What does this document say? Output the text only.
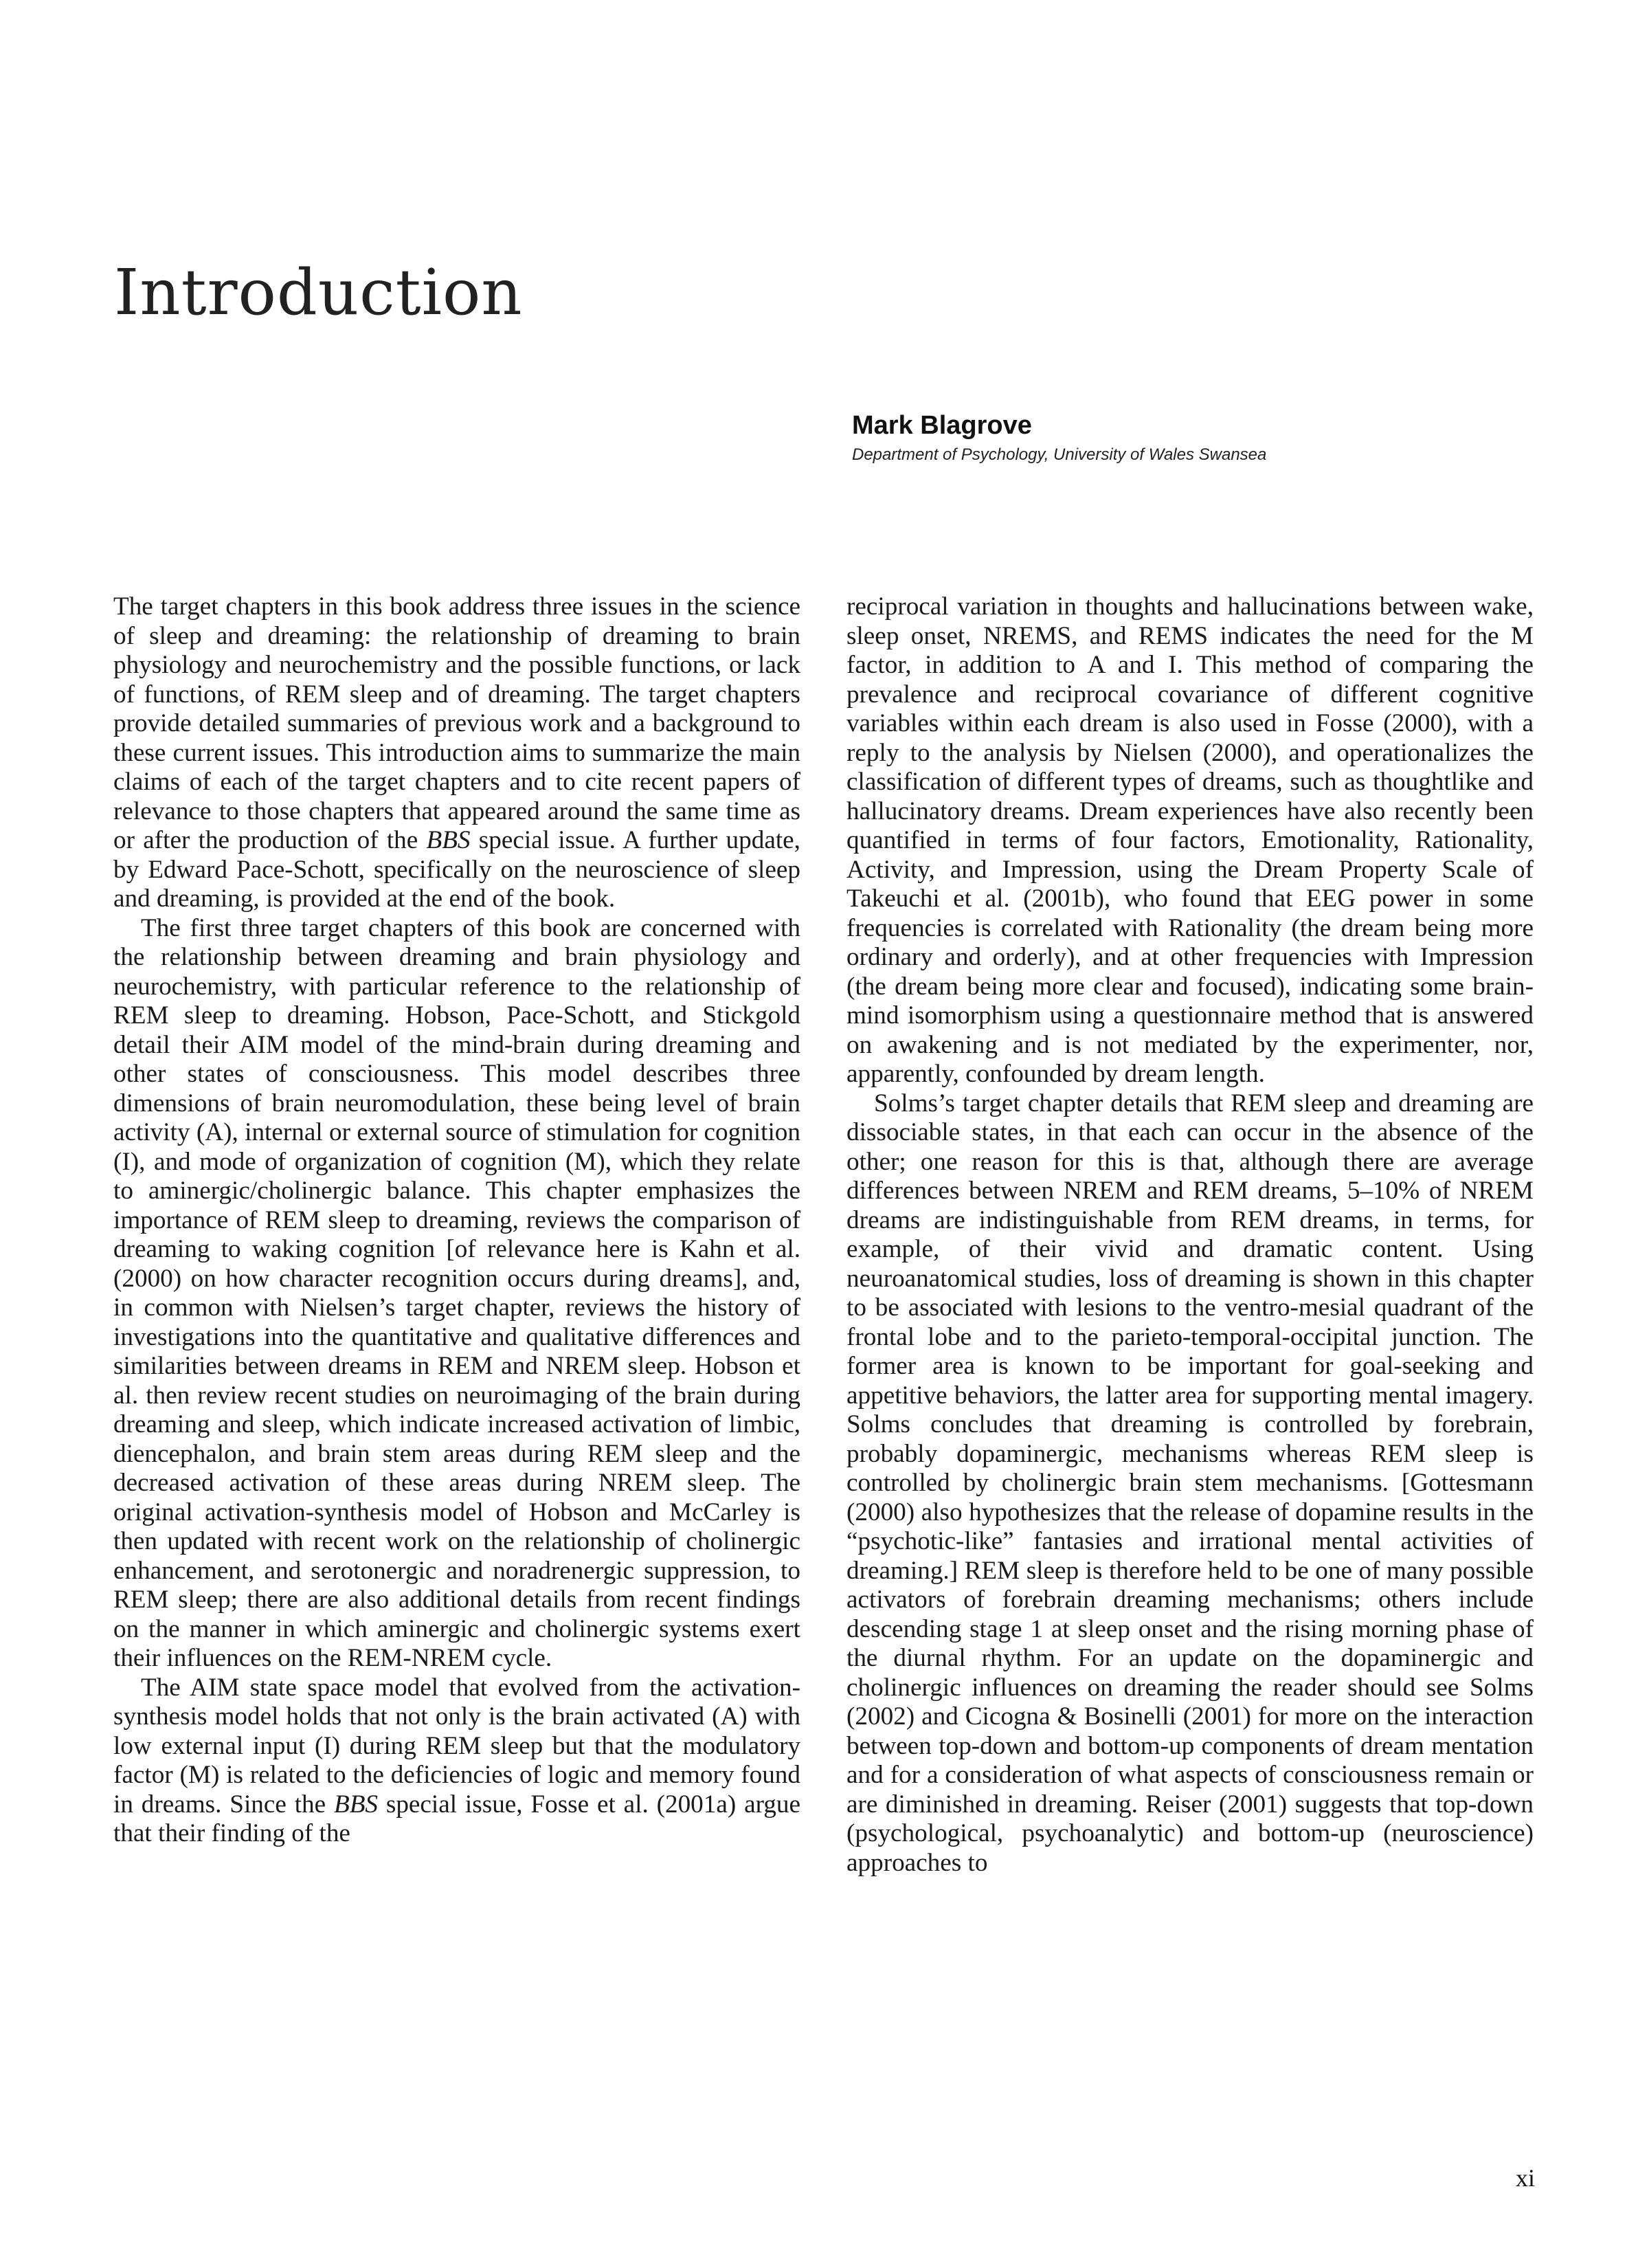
Introduction
Mark Blagrove
Department of Psychology, University of Wales Swansea

The target chapters in this book address three issues in the science of sleep and dreaming: the relationship of dreaming to brain physiology and neurochemistry and the possible functions, or lack of functions, of REM sleep and of dreaming. The target chapters provide detailed summaries of previous work and a background to these current issues. This introduction aims to summarize the main claims of each of the target chapters and to cite recent papers of relevance to those chapters that appeared around the same time as or after the production of the BBS special issue. A further update, by Edward Pace-Schott, specifically on the neuroscience of sleep and dreaming, is provided at the end of the book.

The first three target chapters of this book are concerned with the relationship between dreaming and brain physiology and neurochemistry, with particular reference to the relationship of REM sleep to dreaming. Hobson, Pace-Schott, and Stickgold detail their AIM model of the mind-brain during dreaming and other states of consciousness. This model describes three dimensions of brain neuromodulation, these being level of brain activity (A), internal or external source of stimulation for cognition (I), and mode of organization of cognition (M), which they relate to aminergic/cholinergic balance. This chapter emphasizes the importance of REM sleep to dreaming, reviews the comparison of dreaming to waking cognition [of relevance here is Kahn et al. (2000) on how character recognition occurs during dreams], and, in common with Nielsen’s target chapter, reviews the history of investigations into the quantitative and qualitative differences and similarities between dreams in REM and NREM sleep. Hobson et al. then review recent studies on neuroimaging of the brain during dreaming and sleep, which indicate increased activation of limbic, diencephalon, and brain stem areas during REM sleep and the decreased activation of these areas during NREM sleep. The original activation-synthesis model of Hobson and McCarley is then updated with recent work on the relationship of cholinergic enhancement, and serotonergic and noradrenergic suppression, to REM sleep; there are also additional details from recent findings on the manner in which aminergic and cholinergic systems exert their influences on the REM-NREM cycle.

The AIM state space model that evolved from the activation-synthesis model holds that not only is the brain activated (A) with low external input (I) during REM sleep but that the modulatory factor (M) is related to the deficiencies of logic and memory found in dreams. Since the BBS special issue, Fosse et al. (2001a) argue that their finding of the

reciprocal variation in thoughts and hallucinations between wake, sleep onset, NREMS, and REMS indicates the need for the M factor, in addition to A and I. This method of comparing the prevalence and reciprocal covariance of different cognitive variables within each dream is also used in Fosse (2000), with a reply to the analysis by Nielsen (2000), and operationalizes the classification of different types of dreams, such as thoughtlike and hallucinatory dreams. Dream experiences have also recently been quantified in terms of four factors, Emotionality, Rationality, Activity, and Impression, using the Dream Property Scale of Takeuchi et al. (2001b), who found that EEG power in some frequencies is correlated with Rationality (the dream being more ordinary and orderly), and at other frequencies with Impression (the dream being more clear and focused), indicating some brain-mind isomorphism using a questionnaire method that is answered on awakening and is not mediated by the experimenter, nor, apparently, confounded by dream length.

Solms’s target chapter details that REM sleep and dreaming are dissociable states, in that each can occur in the absence of the other; one reason for this is that, although there are average differences between NREM and REM dreams, 5–10% of NREM dreams are indistinguishable from REM dreams, in terms, for example, of their vivid and dramatic content. Using neuroanatomical studies, loss of dreaming is shown in this chapter to be associated with lesions to the ventro-mesial quadrant of the frontal lobe and to the parieto-temporal-occipital junction. The former area is known to be important for goal-seeking and appetitive behaviors, the latter area for supporting mental imagery. Solms concludes that dreaming is controlled by forebrain, probably dopaminergic, mechanisms whereas REM sleep is controlled by cholinergic brain stem mechanisms. [Gottesmann (2000) also hypothesizes that the release of dopamine results in the “psychotic-like” fantasies and irrational mental activities of dreaming.] REM sleep is therefore held to be one of many possible activators of forebrain dreaming mechanisms; others include descending stage 1 at sleep onset and the rising morning phase of the diurnal rhythm. For an update on the dopaminergic and cholinergic influences on dreaming the reader should see Solms (2002) and Cicogna & Bosinelli (2001) for more on the interaction between top-down and bottom-up components of dream mentation and for a consideration of what aspects of consciousness remain or are diminished in dreaming. Reiser (2001) suggests that top-down (psychological, psychoanalytic) and bottom-up (neuroscience) approaches to

xi
